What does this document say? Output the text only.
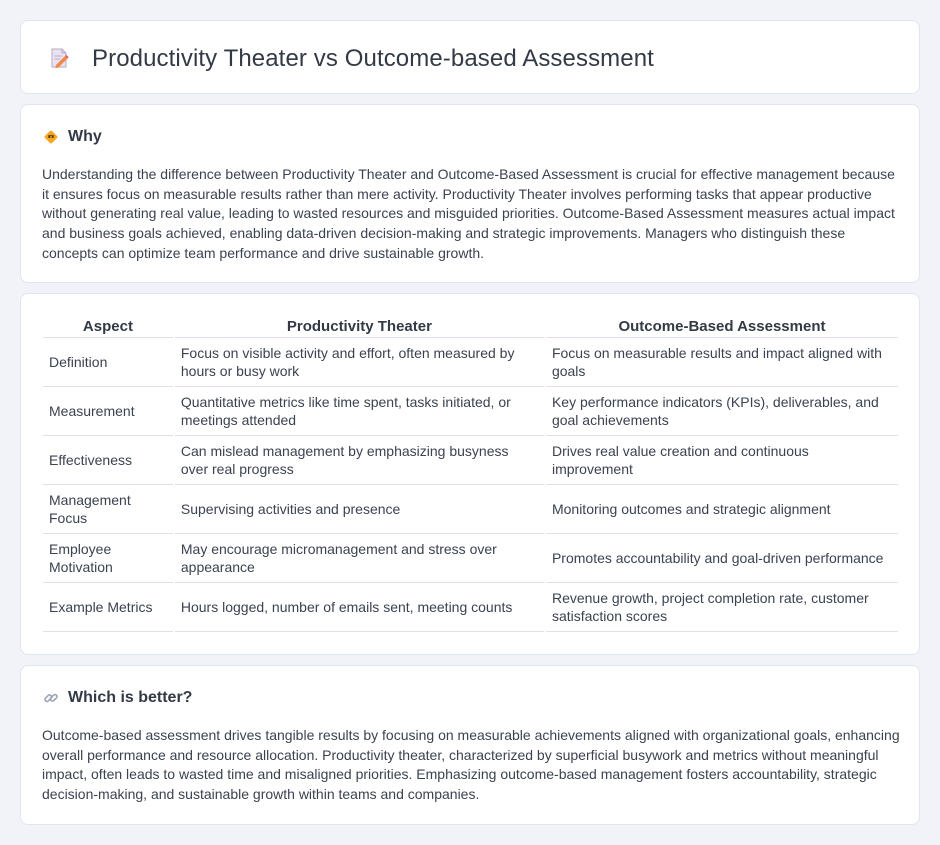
Productivity Theater vs Outcome-based Assessment
Why

Understanding the difference between Productivity Theater and Outcome-Based Assessment is crucial for effective management because it ensures focus on measurable results rather than mere activity. Productivity Theater involves performing tasks that appear productive without generating real value, leading to wasted resources and misguided priorities. Outcome-Based Assessment measures actual impact and business goals achieved, enabling data-driven decision-making and strategic improvements. Managers who distinguish these concepts can optimize team performance and drive sustainable growth.

Aspect	Productivity Theater	Outcome-Based Assessment
Definition	Focus on visible activity and effort, often measured by hours or busy work	Focus on measurable results and impact aligned with goals
Measurement	Quantitative metrics like time spent, tasks initiated, or meetings attended	Key performance indicators (KPIs), deliverables, and goal achievements
Effectiveness	Can mislead management by emphasizing busyness over real progress	Drives real value creation and continuous improvement
Management Focus	Supervising activities and presence	Monitoring outcomes and strategic alignment
Employee Motivation	May encourage micromanagement and stress over appearance	Promotes accountability and goal-driven performance
Example Metrics	Hours logged, number of emails sent, meeting counts	Revenue growth, project completion rate, customer satisfaction scores
Which is better?

Outcome-based assessment drives tangible results by focusing on measurable achievements aligned with organizational goals, enhancing overall performance and resource allocation. Productivity theater, characterized by superficial busywork and metrics without meaningful impact, often leads to wasted time and misaligned priorities. Emphasizing outcome-based management fosters accountability, strategic decision-making, and sustainable growth within teams and companies.
